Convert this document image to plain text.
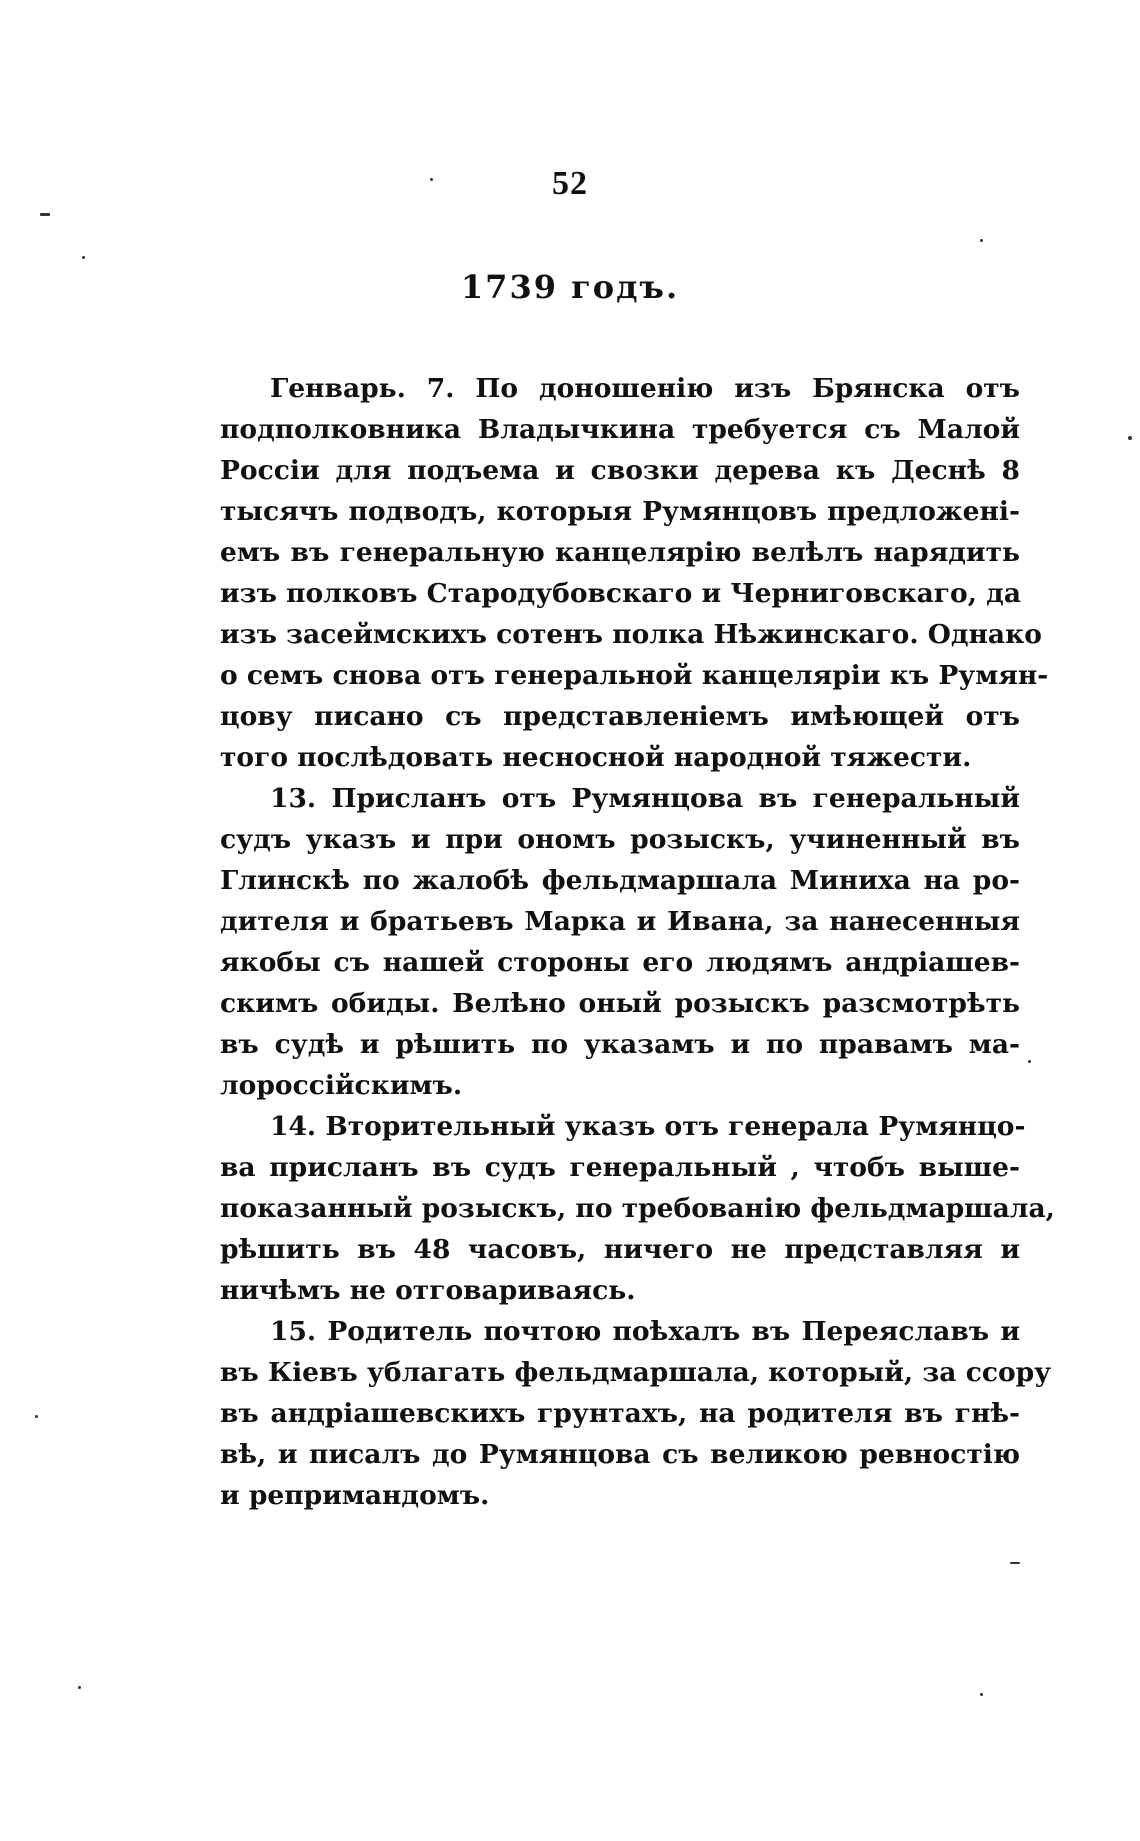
52
1739 годъ.
Генварь. 7. По доношенію изъ Брянска отъ
подполковника Владычкина требуется съ Малой
Россіи для подъема и свозки дерева къ Деснѣ 8
тысячъ подводъ, которыя Румянцовъ предложені-
емъ въ генеральную канцелярію велѣлъ нарядить
изъ полковъ Стародубовскаго и Черниговскаго, да
изъ засеймскихъ сотенъ полка Нѣжинскаго. Однако
о семъ снова отъ генеральной канцеляріи къ Румян-
цову писано съ представленіемъ имѣющей отъ
того послѣдовать несносной народной тяжести.
13. Присланъ отъ Румянцова въ генеральный
судъ указъ и при ономъ розыскъ, учиненный въ
Глинскѣ по жалобѣ фельдмаршала Миниха на ро-
дителя и братьевъ Марка и Ивана, за нанесенныя
якобы съ нашей стороны его людямъ андріашев-
скимъ обиды. Велѣно оный розыскъ разсмотрѣть
въ судѣ и рѣшить по указамъ и по правамъ ма-
лороссійскимъ.
14. Вторительный указъ отъ генерала Румянцо-
ва присланъ въ судъ генеральный , чтобъ выше-
показанный розыскъ, по требованію фельдмаршала,
рѣшить въ 48 часовъ, ничего не представляя и
ничѣмъ не отговариваясь.
15. Родитель почтою поѣхалъ въ Переяславъ и
въ Кіевъ ублагать фельдмаршала, который, за ссору
въ андріашевскихъ грунтахъ, на родителя въ гнѣ-
вѣ, и писалъ до Румянцова съ великою ревностію
и репримандомъ.
